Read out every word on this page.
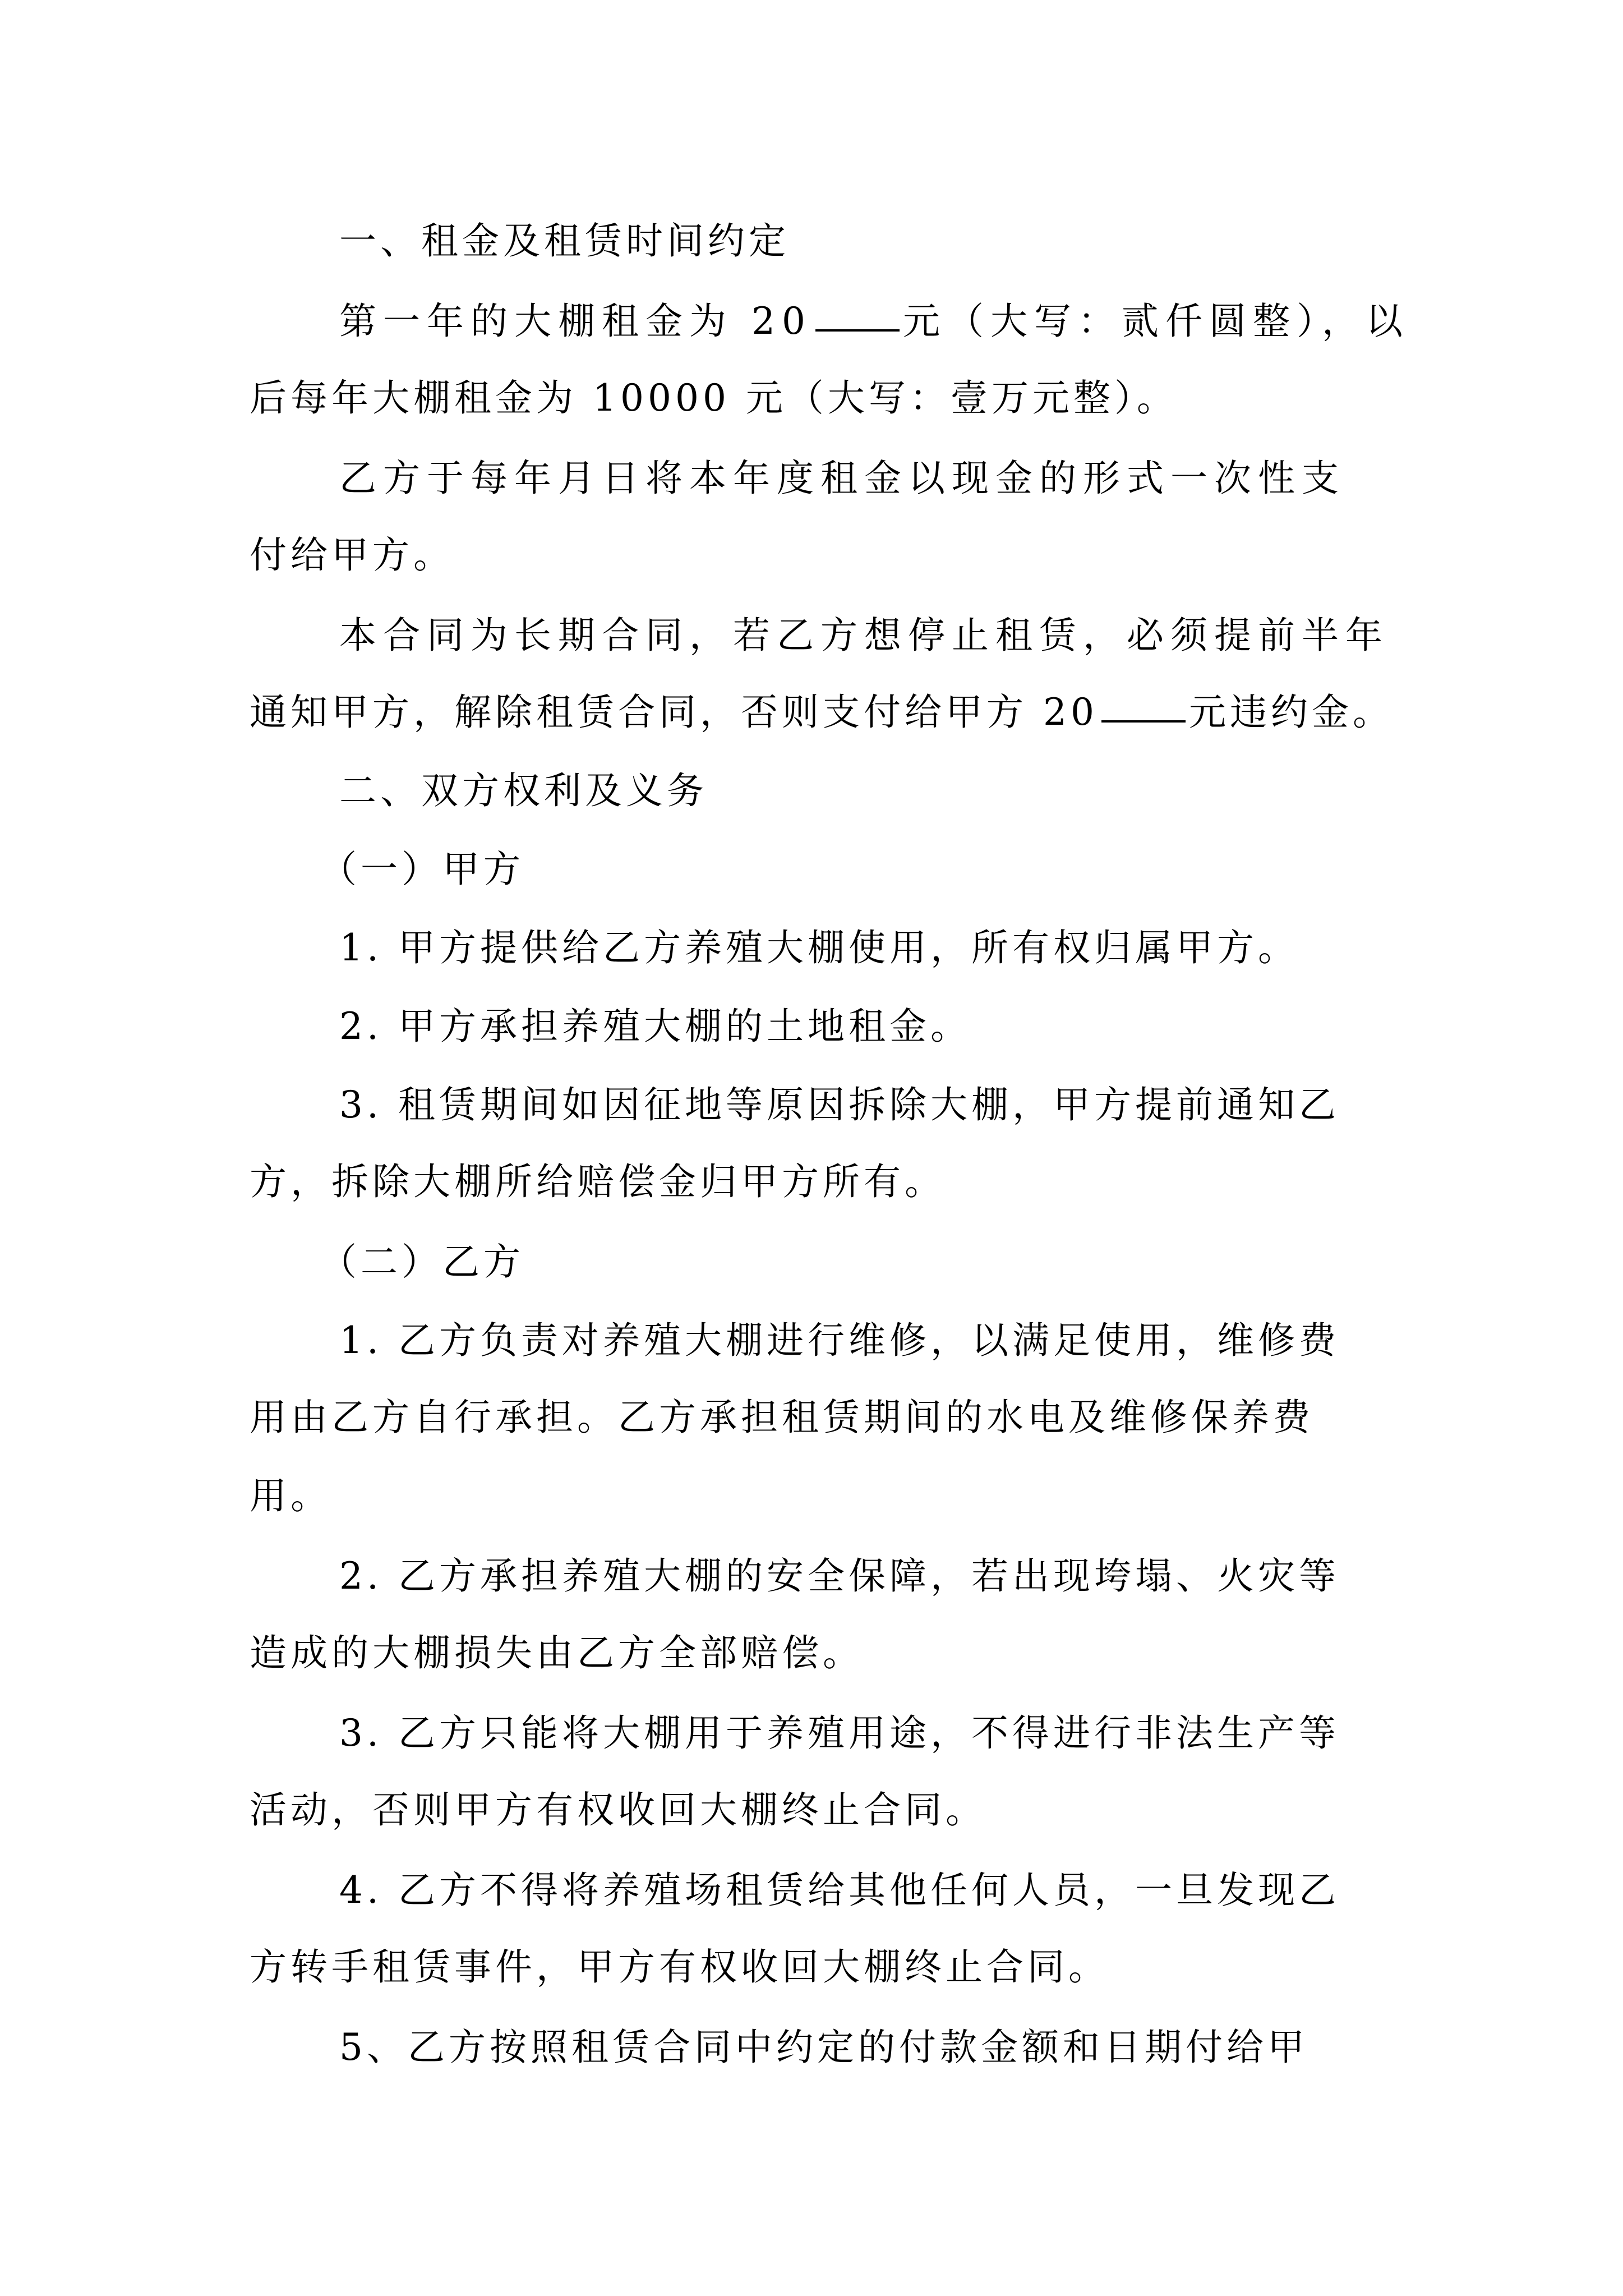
一、租金及租赁时间约定
第一年的大棚租金为 20 元（大写：贰仟圆整），以
后每年大棚租金为 10000 元（大写：壹万元整）。
乙方于每年月日将本年度租金以现金的形式一次性支
付给甲方。
本合同为长期合同，若乙方想停止租赁，必须提前半年
通知甲方，解除租赁合同，否则支付给甲方 20 元违约金。
二、双方权利及义务
（一）甲方
1. 甲方提供给乙方养殖大棚使用，所有权归属甲方。
2. 甲方承担养殖大棚的土地租金。
3. 租赁期间如因征地等原因拆除大棚，甲方提前通知乙
方，拆除大棚所给赔偿金归甲方所有。
（二）乙方
1. 乙方负责对养殖大棚进行维修，以满足使用，维修费
用由乙方自行承担。乙方承担租赁期间的水电及维修保养费
用。
2. 乙方承担养殖大棚的安全保障，若出现垮塌、火灾等
造成的大棚损失由乙方全部赔偿。
3. 乙方只能将大棚用于养殖用途，不得进行非法生产等
活动，否则甲方有权收回大棚终止合同。
4. 乙方不得将养殖场租赁给其他任何人员，一旦发现乙
方转手租赁事件，甲方有权收回大棚终止合同。
5、乙方按照租赁合同中约定的付款金额和日期付给甲
